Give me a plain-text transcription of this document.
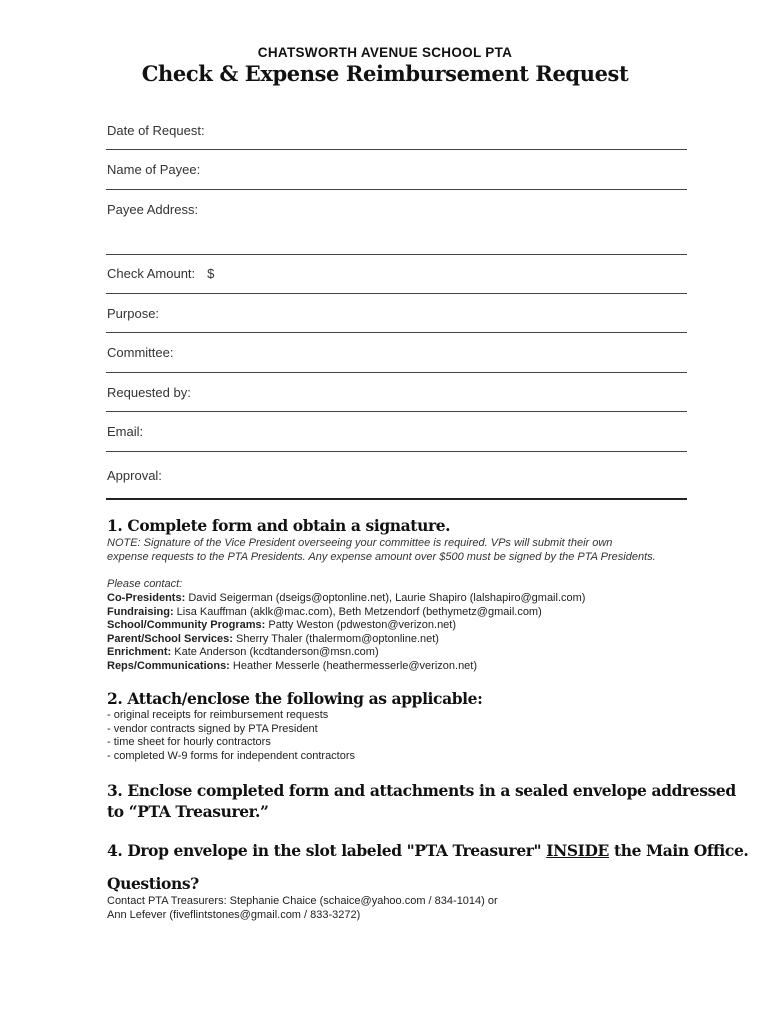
CHATSWORTH AVENUE SCHOOL PTA
Check & Expense Reimbursement Request
Date of Request:
Name of Payee:
Payee Address:
Check Amount: $
Purpose:
Committee:
Requested by:
Email:
Approval:
1. Complete form and obtain a signature.
NOTE: Signature of the Vice President overseeing your committee is required. VPs will submit their own
expense requests to the PTA Presidents. Any expense amount over $500 must be signed by the PTA Presidents.
Please contact:
Co-Presidents: David Seigerman (dseigs@optonline.net), Laurie Shapiro (lalshapiro@gmail.com)
Fundraising: Lisa Kauffman (aklk@mac.com), Beth Metzendorf (bethymetz@gmail.com)
School/Community Programs: Patty Weston (pdweston@verizon.net)
Parent/School Services: Sherry Thaler (thalermom@optonline.net)
Enrichment: Kate Anderson (kcdtanderson@msn.com)
Reps/Communications: Heather Messerle (heathermesserle@verizon.net)
2. Attach/enclose the following as applicable:
- original receipts for reimbursement requests
- vendor contracts signed by PTA President
- time sheet for hourly contractors
- completed W-9 forms for independent contractors
3. Enclose completed form and attachments in a sealed envelope addressed
to “PTA Treasurer.”
4. Drop envelope in the slot labeled "PTA Treasurer" INSIDE the Main Office.
Questions?
Contact PTA Treasurers: Stephanie Chaice (schaice@yahoo.com / 834-1014) or
Ann Lefever (fiveflintstones@gmail.com / 833-3272)
